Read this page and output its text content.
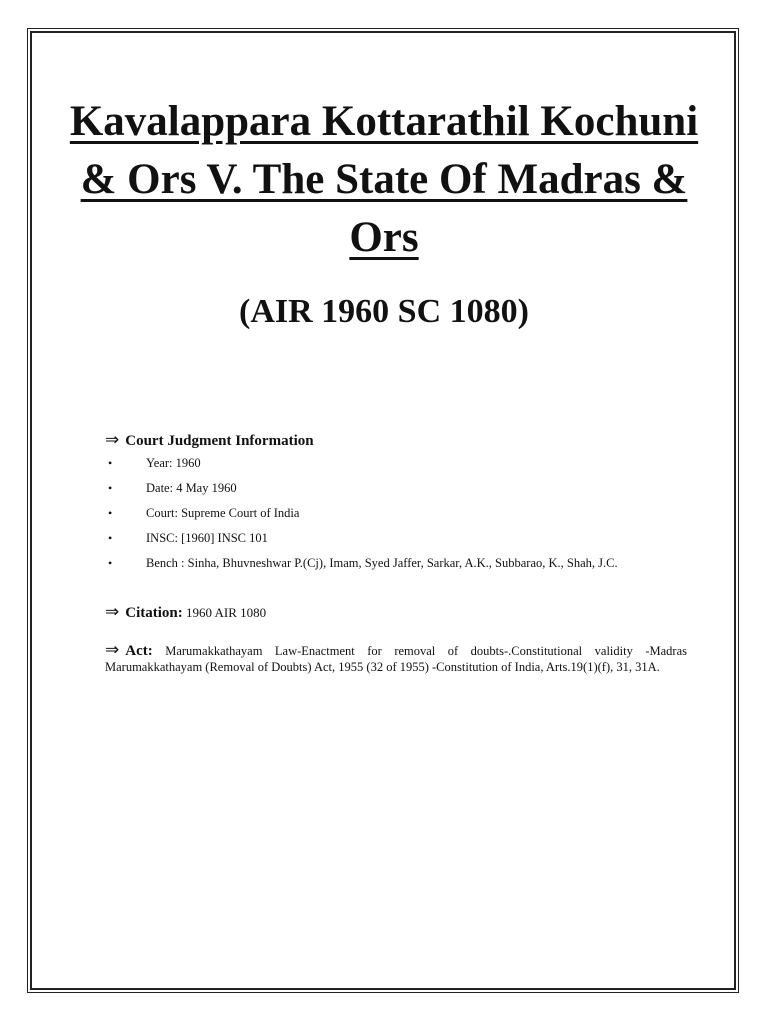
Kavalappara Kottarathil Kochuni & Ors V. The State Of Madras & Ors
(AIR 1960 SC 1080)
⇒ Court Judgment Information
•	Year: 1960
•	Date: 4 May 1960
•	Court: Supreme Court of India
•	INSC: [1960] INSC 101
•	Bench : Sinha, Bhuvneshwar P.(Cj), Imam, Syed Jaffer, Sarkar, A.K., Subbarao, K., Shah, J.C.
⇒ Citation: 1960 AIR 1080
⇒ Act: Marumakkathayam Law-Enactment for removal of doubts-.Constitutional validity -Madras Marumakkathayam (Removal of Doubts) Act, 1955 (32 of 1955) -Constitution of India, Arts.19(1)(f), 31, 31A.
